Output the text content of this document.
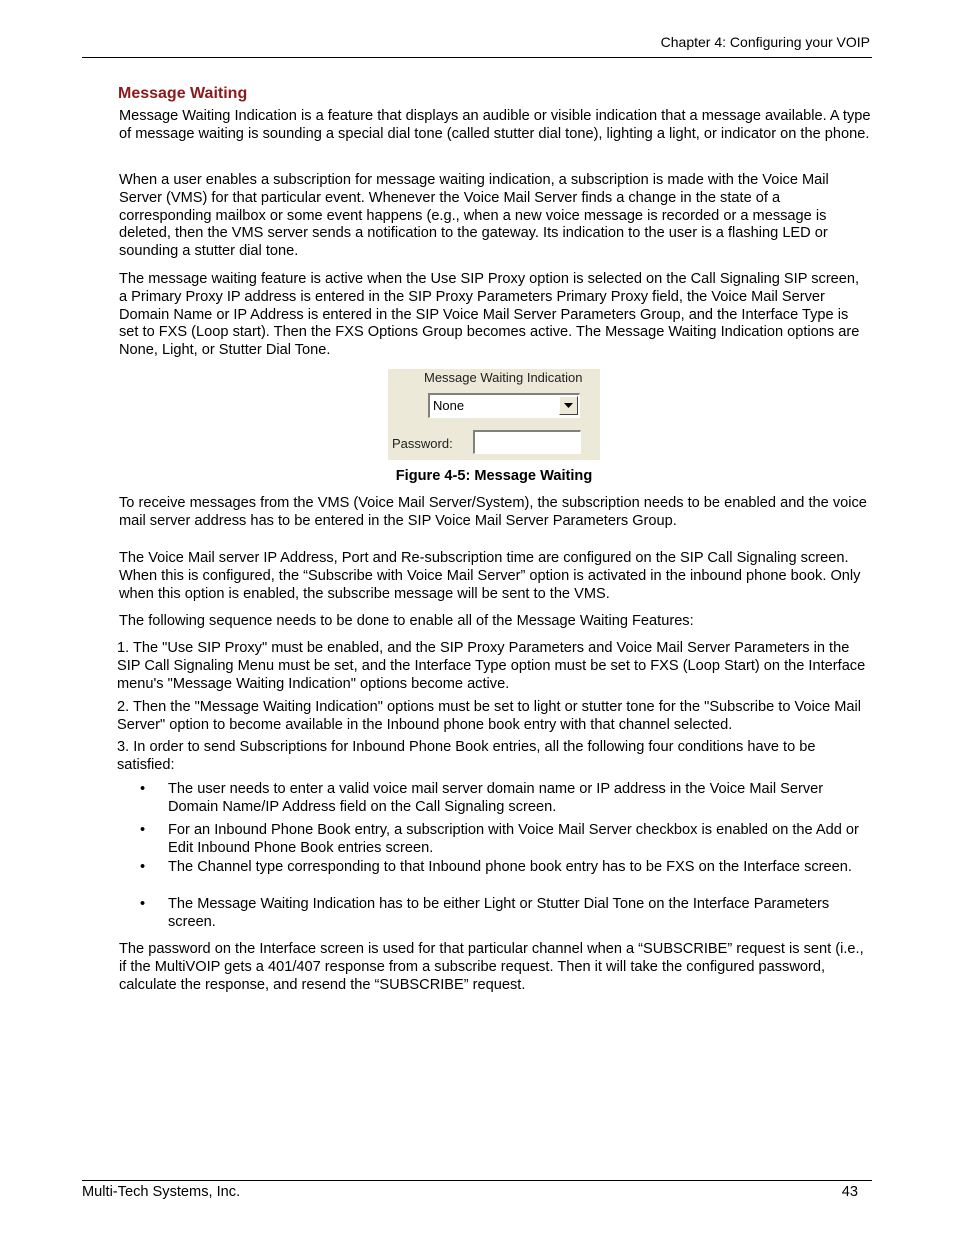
Chapter 4: Configuring your VOIP
Message Waiting

Message Waiting Indication is a feature that displays an audible or visible indication that a message available. A type of message waiting is sounding a special dial tone (called stutter dial tone), lighting a light, or indicator on the phone.

When a user enables a subscription for message waiting indication, a subscription is made with the Voice Mail Server (VMS) for that particular event. Whenever the Voice Mail Server finds a change in the state of a corresponding mailbox or some event happens (e.g., when a new voice message is recorded or a message is deleted, then the VMS server sends a notification to the gateway. Its indication to the user is a flashing LED or sounding a stutter dial tone.

The message waiting feature is active when the Use SIP Proxy option is selected on the Call Signaling SIP screen, a Primary Proxy IP address is entered in the SIP Proxy Parameters Primary Proxy field, the Voice Mail Server Domain Name or IP Address is entered in the SIP Voice Mail Server Parameters Group, and the Interface Type is set to FXS (Loop start). Then the FXS Options Group becomes active. The Message Waiting Indication options are None, Light, or Stutter Dial Tone.

Message Waiting Indication
None
Password:
Figure 4-5: Message Waiting

To receive messages from the VMS (Voice Mail Server/System), the subscription needs to be enabled and the voice mail server address has to be entered in the SIP Voice Mail Server Parameters Group.

The Voice Mail server IP Address, Port and Re-subscription time are configured on the SIP Call Signaling screen. When this is configured, the “Subscribe with Voice Mail Server” option is activated in the inbound phone book. Only when this option is enabled, the subscribe message will be sent to the VMS.

The following sequence needs to be done to enable all of the Message Waiting Features:

1. The "Use SIP Proxy" must be enabled, and the SIP Proxy Parameters and Voice Mail Server Parameters in the SIP Call Signaling Menu must be set, and the Interface Type option must be set to FXS (Loop Start) on the Interface menu's "Message Waiting Indication" options become active.

2. Then the "Message Waiting Indication" options must be set to light or stutter tone for the "Subscribe to Voice Mail Server" option to become available in the Inbound phone book entry with that channel selected.

3. In order to send Subscriptions for Inbound Phone Book entries, all the following four conditions have to be satisfied:

• The user needs to enter a valid voice mail server domain name or IP address in the Voice Mail Server Domain Name/IP Address field on the Call Signaling screen.
• For an Inbound Phone Book entry, a subscription with Voice Mail Server checkbox is enabled on the Add or Edit Inbound Phone Book entries screen.
• The Channel type corresponding to that Inbound phone book entry has to be FXS on the Interface screen.
• The Message Waiting Indication has to be either Light or Stutter Dial Tone on the Interface Parameters screen.

The password on the Interface screen is used for that particular channel when a “SUBSCRIBE” request is sent (i.e., if the MultiVOIP gets a 401/407 response from a subscribe request. Then it will take the configured password, calculate the response, and resend the “SUBSCRIBE” request.

Multi-Tech Systems, Inc.	43
